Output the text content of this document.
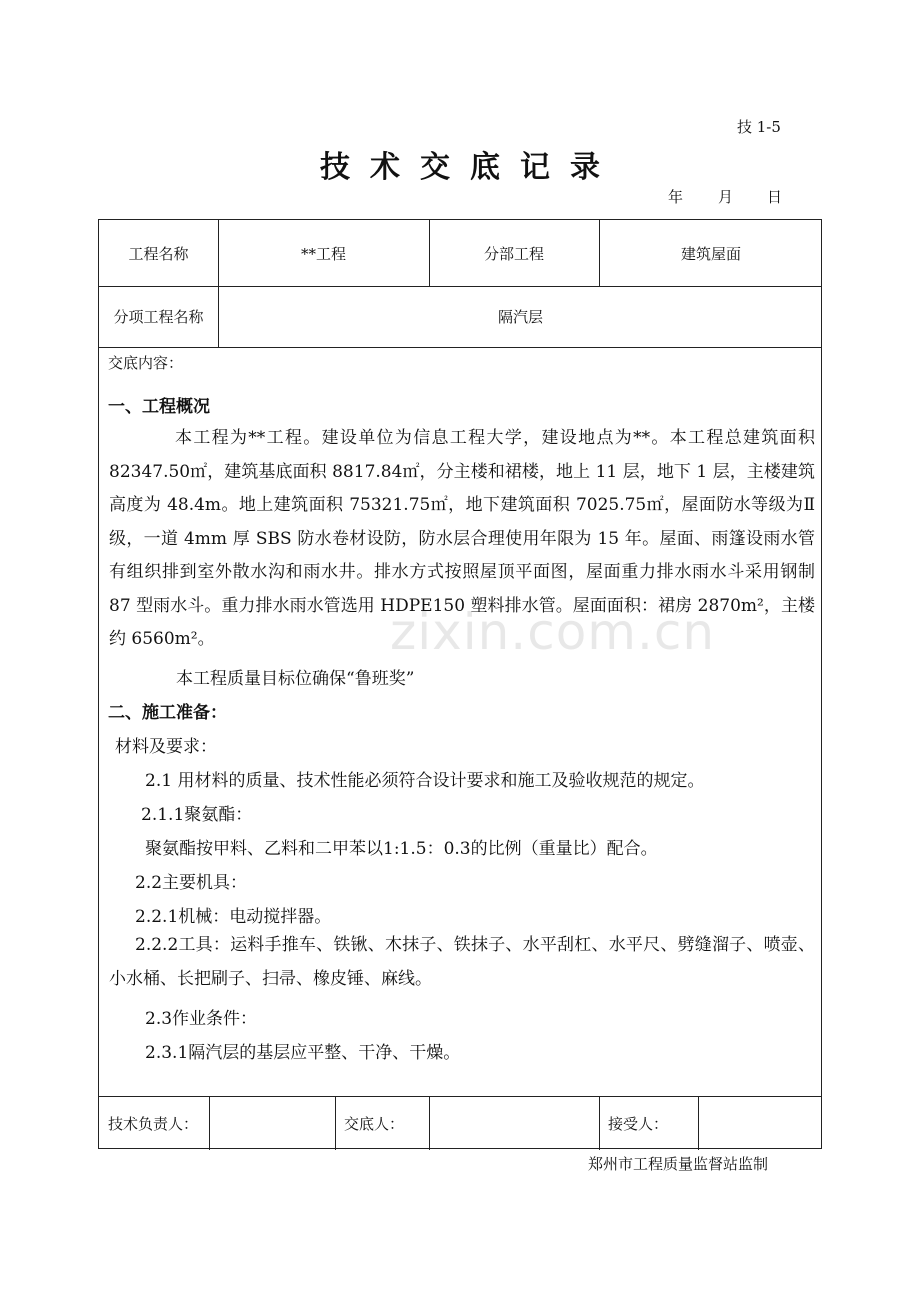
技 1-5
技术交底记录
年 月 日
工程名称	**工程	分部工程	建筑屋面
分项工程名称	隔汽层
交底内容：
一、工程概况
本工程为**工程。建设单位为信息工程大学，建设地点为**。本工程总建筑面积 82347.50㎡，建筑基底面积 8817.84㎡，分主楼和裙楼，地上 11 层，地下 1 层，主楼建筑高度为 48.4m。地上建筑面积 75321.75㎡，地下建筑面积 7025.75㎡，屋面防水等级为Ⅱ级，一道 4mm 厚 SBS 防水卷材设防，防水层合理使用年限为 15 年。屋面、雨篷设雨水管有组织排到室外散水沟和雨水井。排水方式按照屋顶平面图，屋面重力排水雨水斗采用钢制 87 型雨水斗。重力排水雨水管选用 HDPE150 塑料排水管。屋面面积：裙房 2870m²，主楼约 6560m²。
本工程质量目标位确保“鲁班奖”
二、施工准备：
材料及要求：
2.1 用材料的质量、技术性能必须符合设计要求和施工及验收规范的规定。
2.1.1聚氨酯：
聚氨酯按甲料、乙料和二甲苯以1:1.5：0.3的比例（重量比）配合。
2.2主要机具：
2.2.1机械：电动搅拌器。
2.2.2工具：运料手推车、铁锹、木抹子、铁抹子、水平刮杠、水平尺、劈缝溜子、喷壶、小水桶、长把刷子、扫帚、橡皮锤、麻线。
2.3作业条件：
2.3.1隔汽层的基层应平整、干净、干燥。
技术负责人：	交底人：	接受人：
郑州市工程质量监督站监制
zixin.com.cn
